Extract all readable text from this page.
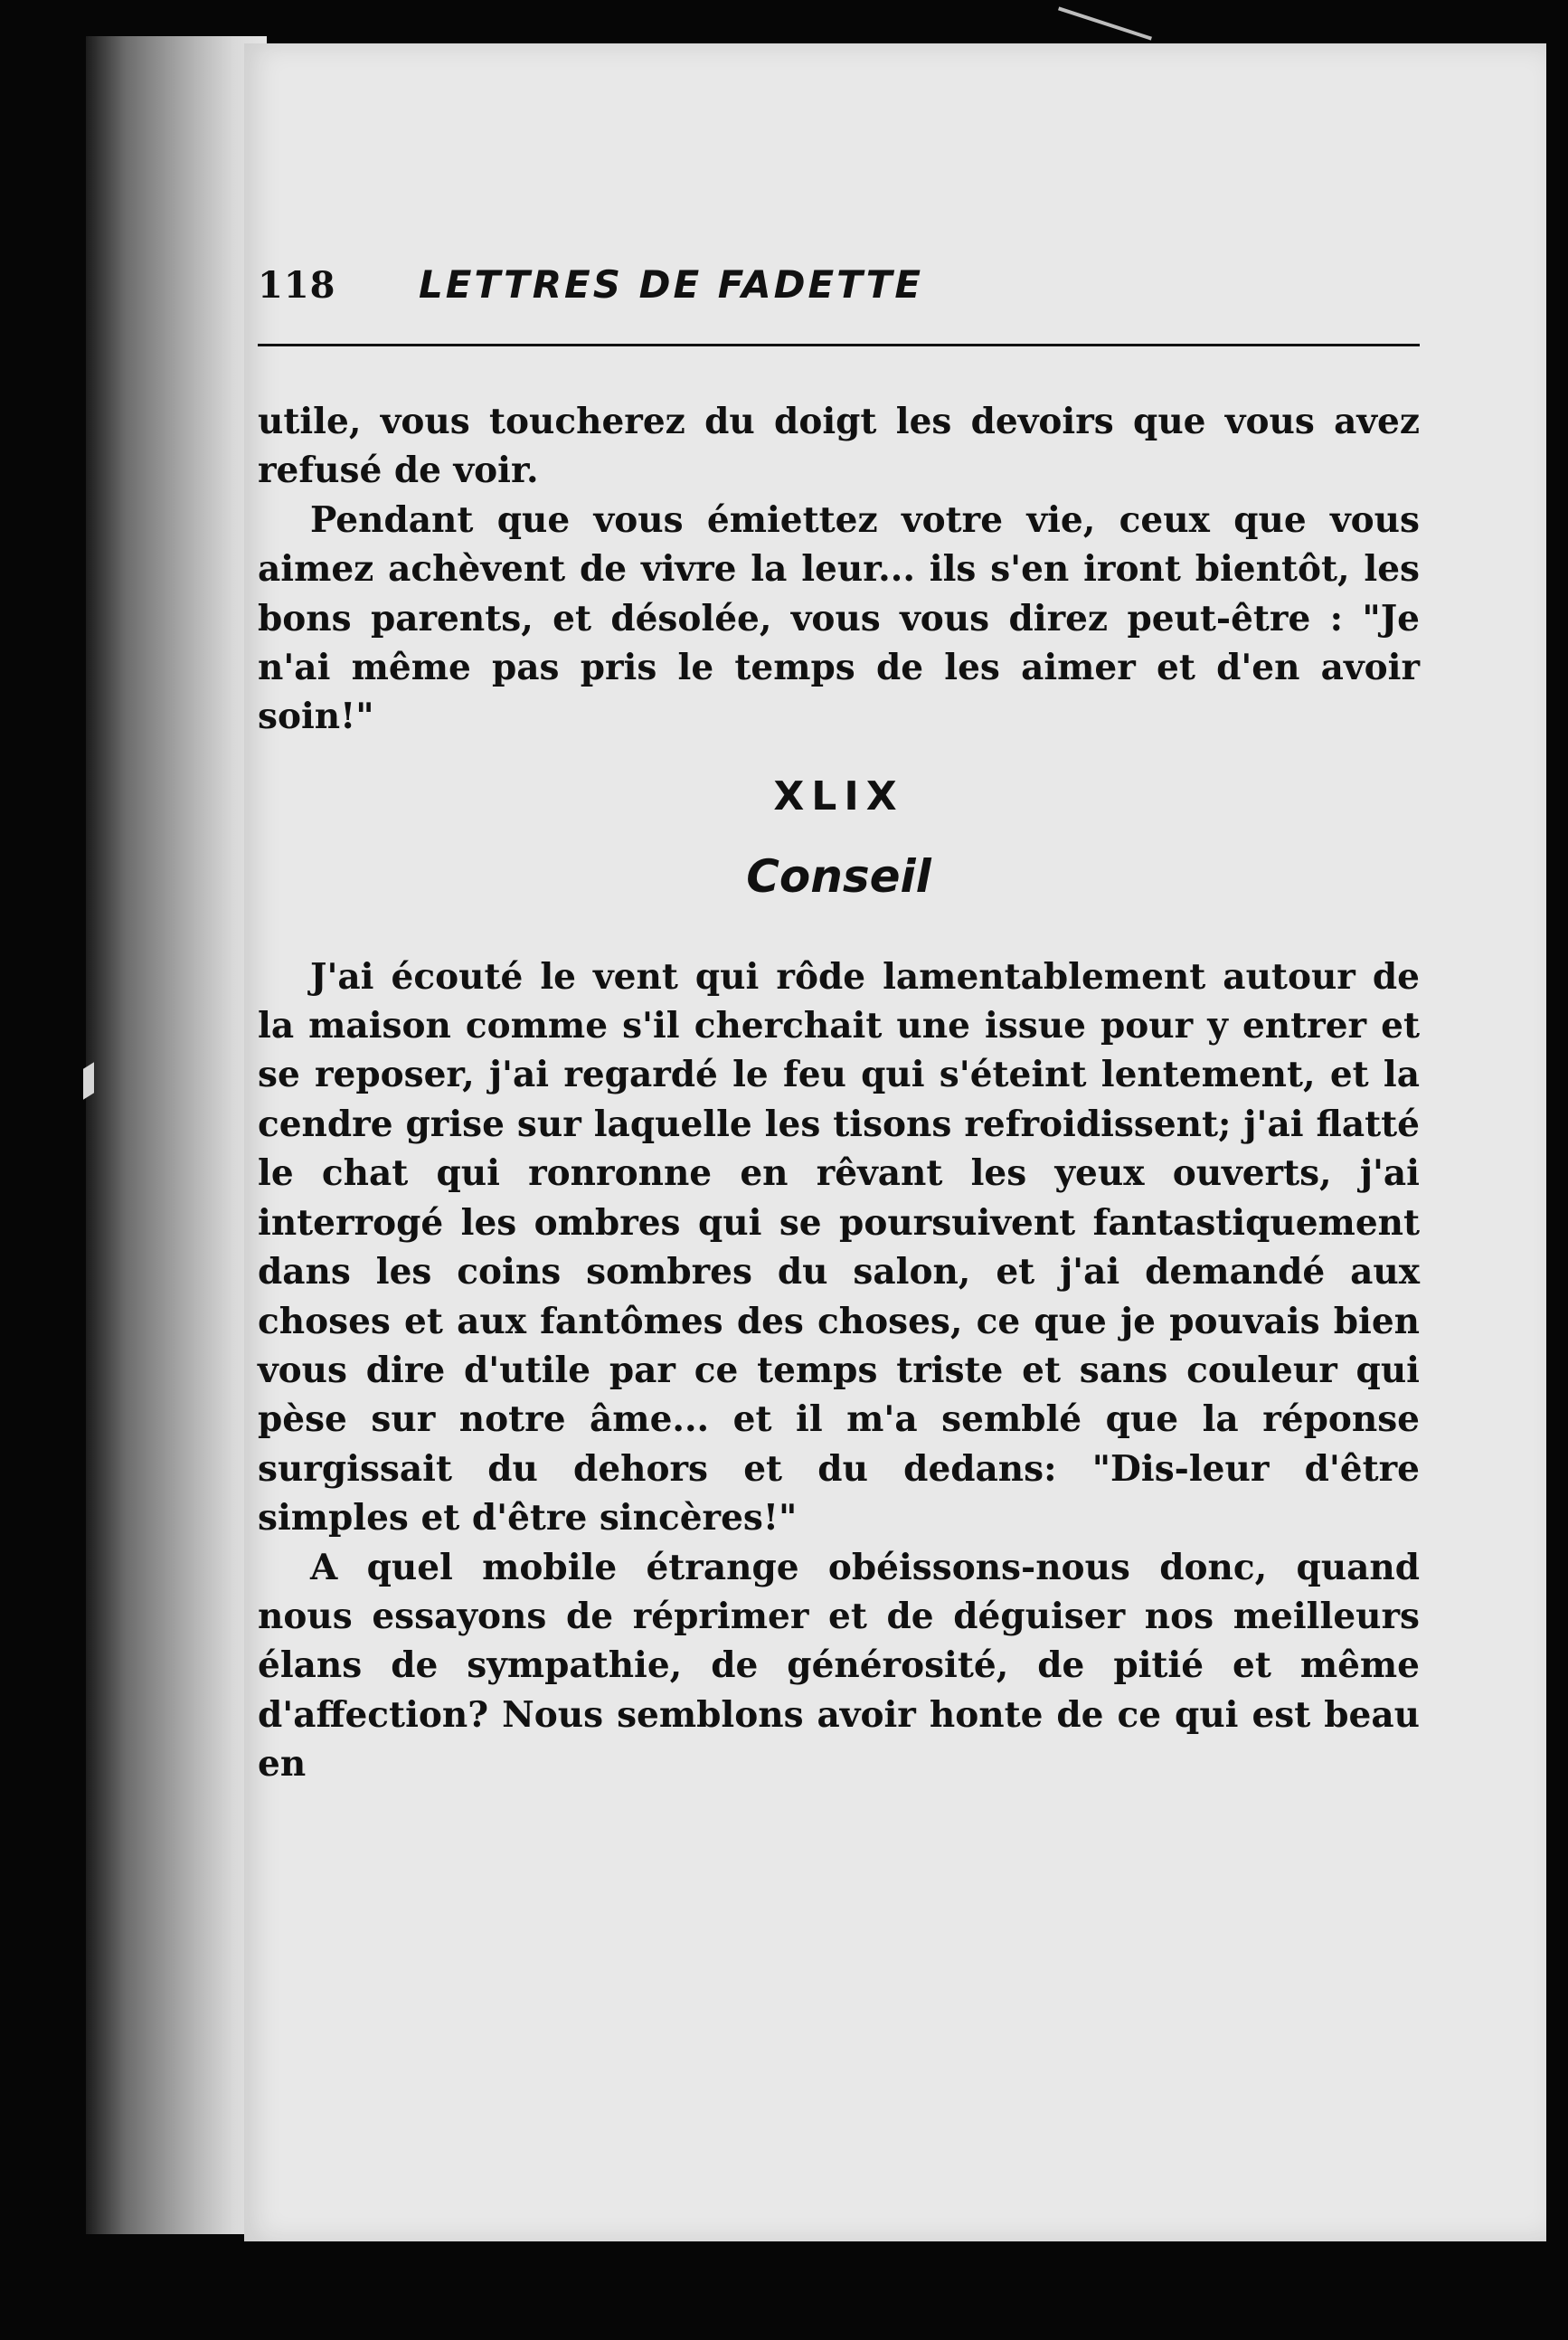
118	LETTRES DE FADETTE

utile, vous toucherez du doigt les devoirs que vous avez refusé de voir.

Pendant que vous émiettez votre vie, ceux que vous aimez achèvent de vivre la leur... ils s'en iront bientôt, les bons parents, et désolée, vous vous direz peut-être : "Je n'ai même pas pris le temps de les aimer et d'en avoir soin!"

XLIX
Conseil

J'ai écouté le vent qui rôde lamentablement autour de la maison comme s'il cherchait une issue pour y entrer et se reposer, j'ai regardé le feu qui s'éteint lentement, et la cendre grise sur laquelle les tisons refroidissent; j'ai flatté le chat qui ronronne en rêvant les yeux ouverts, j'ai interrogé les ombres qui se poursuivent fantastiquement dans les coins sombres du salon, et j'ai demandé aux choses et aux fantômes des choses, ce que je pouvais bien vous dire d'utile par ce temps triste et sans couleur qui pèse sur notre âme... et il m'a semblé que la réponse surgissait du dehors et du dedans: "Dis-leur d'être simples et d'être sincères!"

A quel mobile étrange obéissons-nous donc, quand nous essayons de réprimer et de déguiser nos meilleurs élans de sympathie, de générosité, de pitié et même d'affection? Nous semblons avoir honte de ce qui est beau en
